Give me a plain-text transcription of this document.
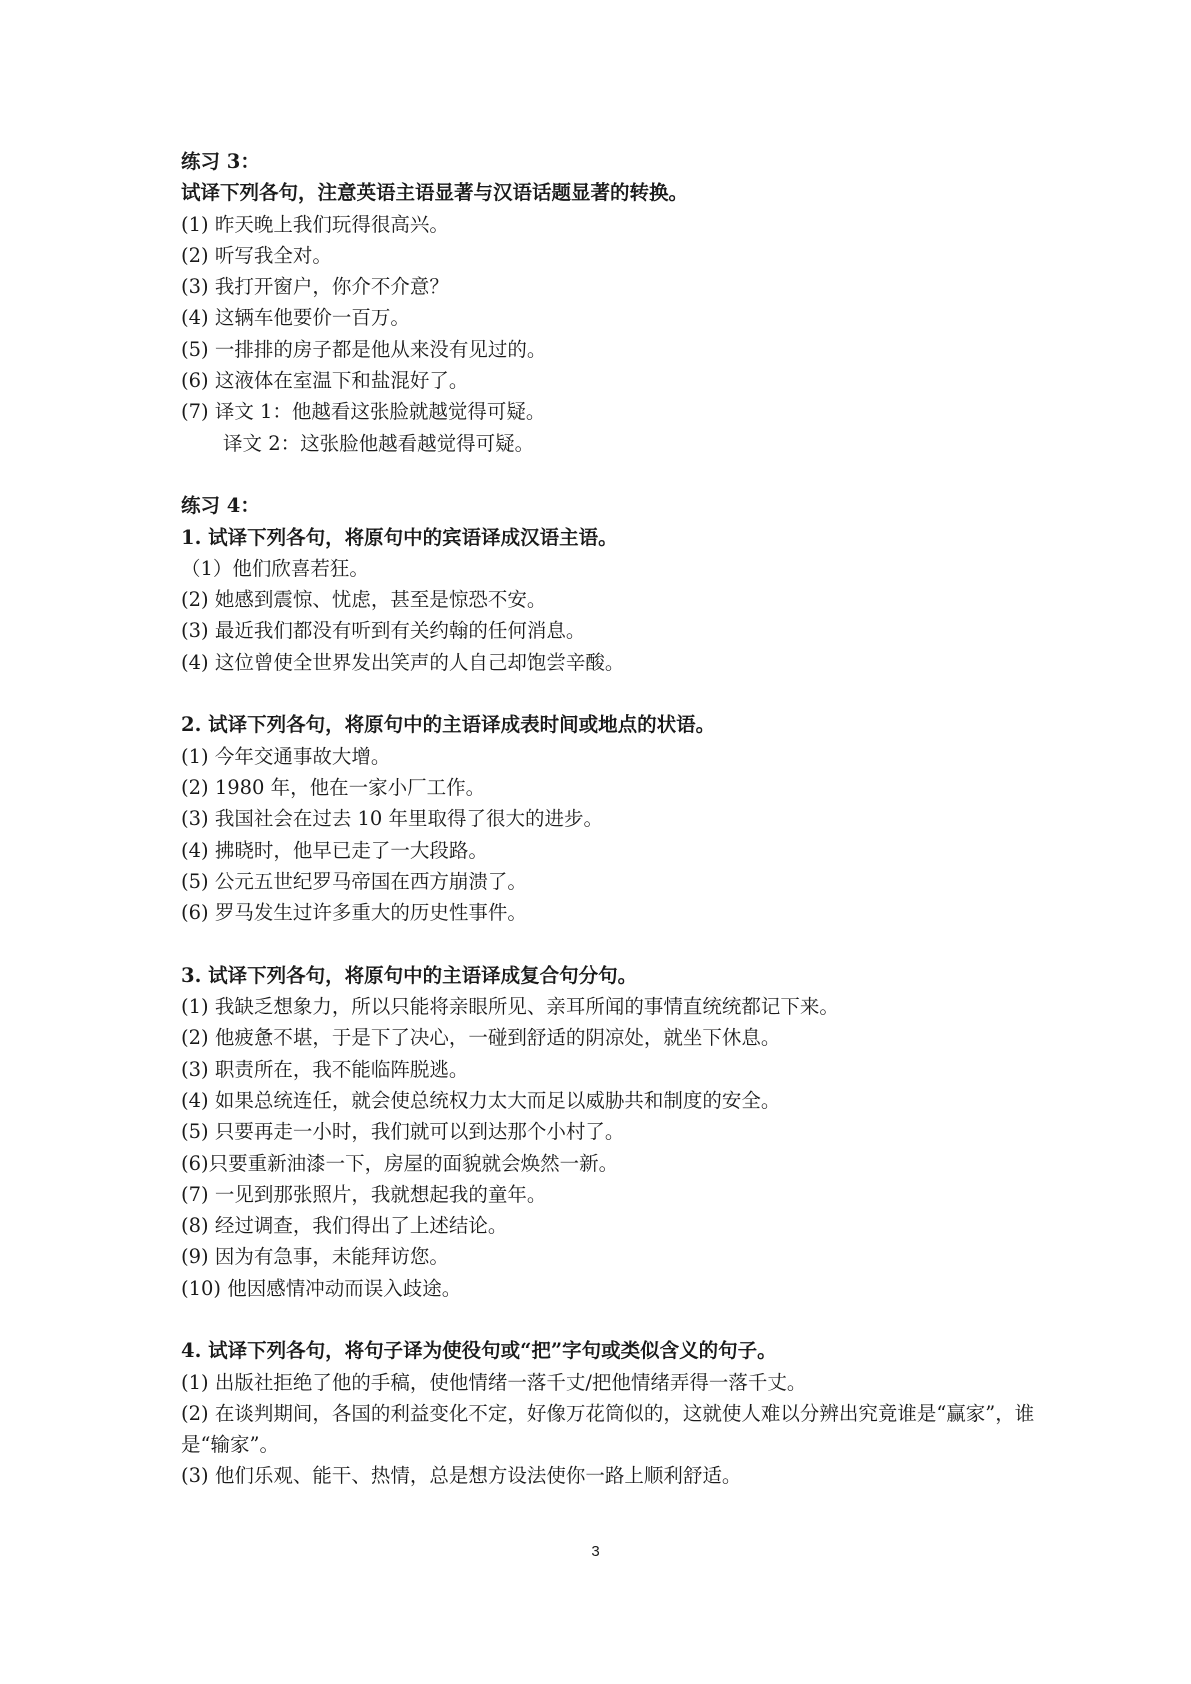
练习 3：
试译下列各句，注意英语主语显著与汉语话题显著的转换。
(1) 昨天晚上我们玩得很高兴。
(2) 听写我全对。
(3) 我打开窗户，你介不介意？
(4) 这辆车他要价一百万。
(5) 一排排的房子都是他从来没有见过的。
(6) 这液体在室温下和盐混好了。
(7) 译文 1：他越看这张脸就越觉得可疑。
译文 2：这张脸他越看越觉得可疑。
练习 4：
1. 试译下列各句，将原句中的宾语译成汉语主语。
（1）他们欣喜若狂。
(2) 她感到震惊、忧虑，甚至是惊恐不安。
(3) 最近我们都没有听到有关约翰的任何消息。
(4) 这位曾使全世界发出笑声的人自己却饱尝辛酸。
2. 试译下列各句，将原句中的主语译成表时间或地点的状语。
(1) 今年交通事故大增。
(2) 1980 年，他在一家小厂工作。
(3) 我国社会在过去 10 年里取得了很大的进步。
(4) 拂晓时，他早已走了一大段路。
(5) 公元五世纪罗马帝国在西方崩溃了。
(6) 罗马发生过许多重大的历史性事件。
3. 试译下列各句，将原句中的主语译成复合句分句。
(1) 我缺乏想象力，所以只能将亲眼所见、亲耳所闻的事情直统统都记下来。
(2) 他疲惫不堪，于是下了决心，一碰到舒适的阴凉处，就坐下休息。
(3) 职责所在，我不能临阵脱逃。
(4) 如果总统连任，就会使总统权力太大而足以威胁共和制度的安全。
(5) 只要再走一小时，我们就可以到达那个小村了。
(6)只要重新油漆一下，房屋的面貌就会焕然一新。
(7) 一见到那张照片，我就想起我的童年。
(8) 经过调查，我们得出了上述结论。
(9) 因为有急事，未能拜访您。
(10) 他因感情冲动而误入歧途。
4. 试译下列各句，将句子译为使役句或“把”字句或类似含义的句子。
(1) 出版社拒绝了他的手稿，使他情绪一落千丈/把他情绪弄得一落千丈。
(2) 在谈判期间，各国的利益变化不定，好像万花筒似的，这就使人难以分辨出究竟谁是“赢家”，谁是“输家”。
(3) 他们乐观、能干、热情，总是想方设法使你一路上顺利舒适。
3
